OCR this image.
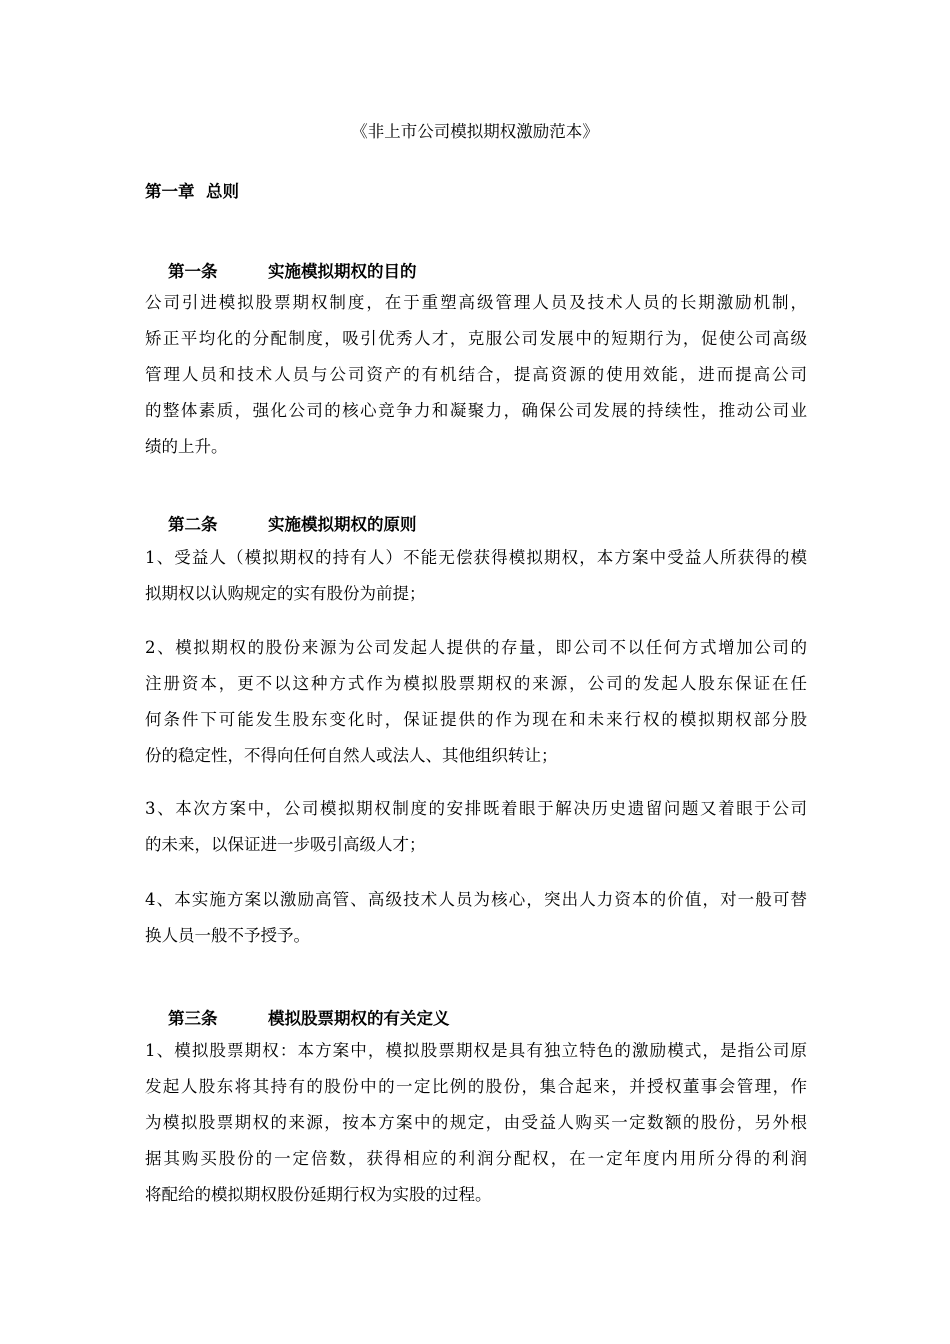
《非上市公司模拟期权激励范本》
第一章  总则

第一条	实施模拟期权的目的

公司引进模拟股票期权制度，在于重塑高级管理人员及技术人员的长期激励机制，
矫正平均化的分配制度，吸引优秀人才，克服公司发展中的短期行为，促使公司高级
管理人员和技术人员与公司资产的有机结合，提高资源的使用效能，进而提高公司
的整体素质，强化公司的核心竞争力和凝聚力，确保公司发展的持续性，推动公司业
绩的上升。

第二条	实施模拟期权的原则

1、受益人（模拟期权的持有人）不能无偿获得模拟期权，本方案中受益人所获得的模
拟期权以认购规定的实有股份为前提；
2、模拟期权的股份来源为公司发起人提供的存量，即公司不以任何方式增加公司的
注册资本，更不以这种方式作为模拟股票期权的来源，公司的发起人股东保证在任
何条件下可能发生股东变化时，保证提供的作为现在和未来行权的模拟期权部分股
份的稳定性，不得向任何自然人或法人、其他组织转让；
3、本次方案中，公司模拟期权制度的安排既着眼于解决历史遗留问题又着眼于公司
的未来，以保证进一步吸引高级人才；
4、本实施方案以激励高管、高级技术人员为核心，突出人力资本的价值，对一般可替
换人员一般不予授予。

第三条	模拟股票期权的有关定义

1、模拟股票期权：本方案中，模拟股票期权是具有独立特色的激励模式，是指公司原
发起人股东将其持有的股份中的一定比例的股份，集合起来，并授权董事会管理，作
为模拟股票期权的来源，按本方案中的规定，由受益人购买一定数额的股份，另外根
据其购买股份的一定倍数，获得相应的利润分配权，在一定年度内用所分得的利润
将配给的模拟期权股份延期行权为实股的过程。
